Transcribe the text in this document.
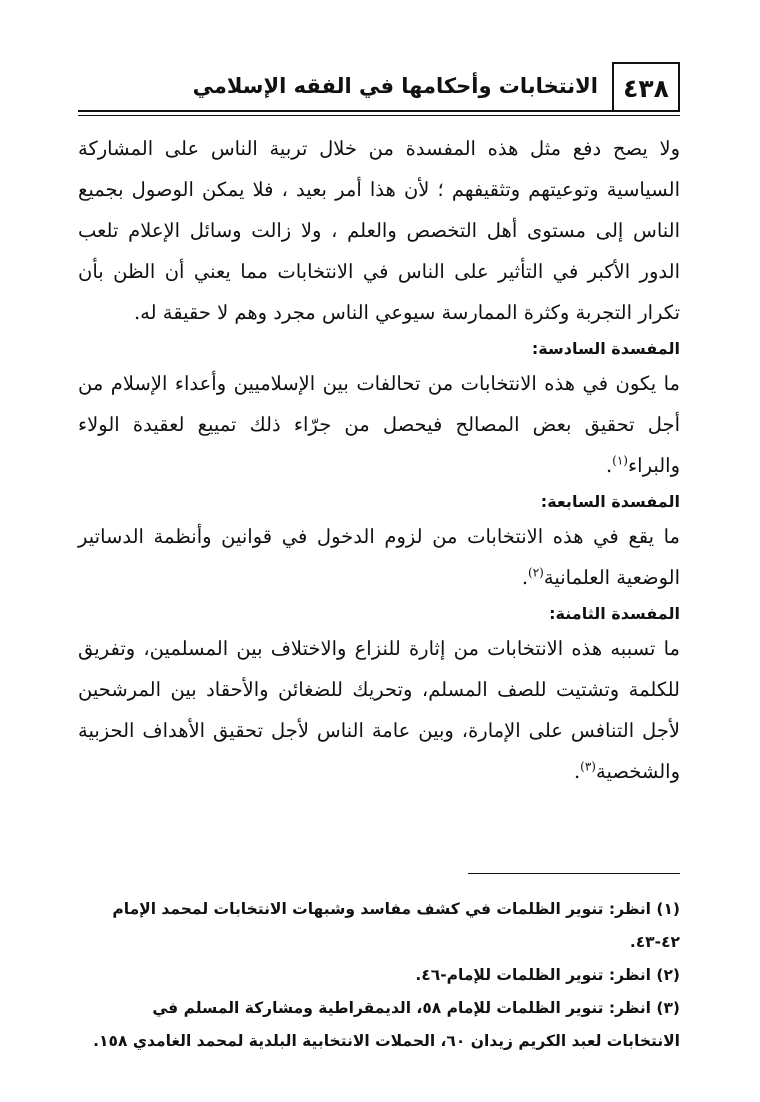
٤٣٨
الانتخابات وأحكامها في الفقه الإسلامي

ولا يصح دفع مثل هذه المفسدة من خلال تربية الناس على المشاركة السياسية وتوعيتهم وتثقيفهم ؛ لأن هذا أمر بعيد ، فلا يمكن الوصول بجميع الناس إلى مستوى أهل التخصص والعلم ، ولا زالت وسائل الإعلام تلعب الدور الأكبر في التأثير على الناس في الانتخابات مما يعني أن الظن بأن تكرار التجربة وكثرة الممارسة سيوعي الناس مجرد وهم لا حقيقة له.

المفسدة السادسة:

ما يكون في هذه الانتخابات من تحالفات بين الإسلاميين وأعداء الإسلام من أجل تحقيق بعض المصالح فيحصل من جرّاء ذلك تمييع لعقيدة الولاء والبراء$^{(١)}$.

المفسدة السابعة:

ما يقع في هذه الانتخابات من لزوم الدخول في قوانين وأنظمة الدساتير الوضعية العلمانية$^{(٢)}$.

المفسدة الثامنة:

ما تسببه هذه الانتخابات من إثارة للنزاع والاختلاف بين المسلمين، وتفريق للكلمة وتشتيت للصف المسلم، وتحريك للضغائن والأحقاد بين المرشحين لأجل التنافس على الإمارة، وبين عامة الناس لأجل تحقيق الأهداف الحزبية والشخصية$^{(٣)}$.

(١) انظر: تنوير الظلمات في كشف مفاسد وشبهات الانتخابات لمحمد الإمام ٤٢-٤٣.

(٢) انظر: تنوير الظلمات للإمام-٤٦.

(٣) انظر: تنوير الظلمات للإمام ٥٨، الديمقراطية ومشاركة المسلم في الانتخابات لعبد الكريم زيدان ٦٠، الحملات الانتخابية البلدية لمحمد الغامدي ١٥٨.
